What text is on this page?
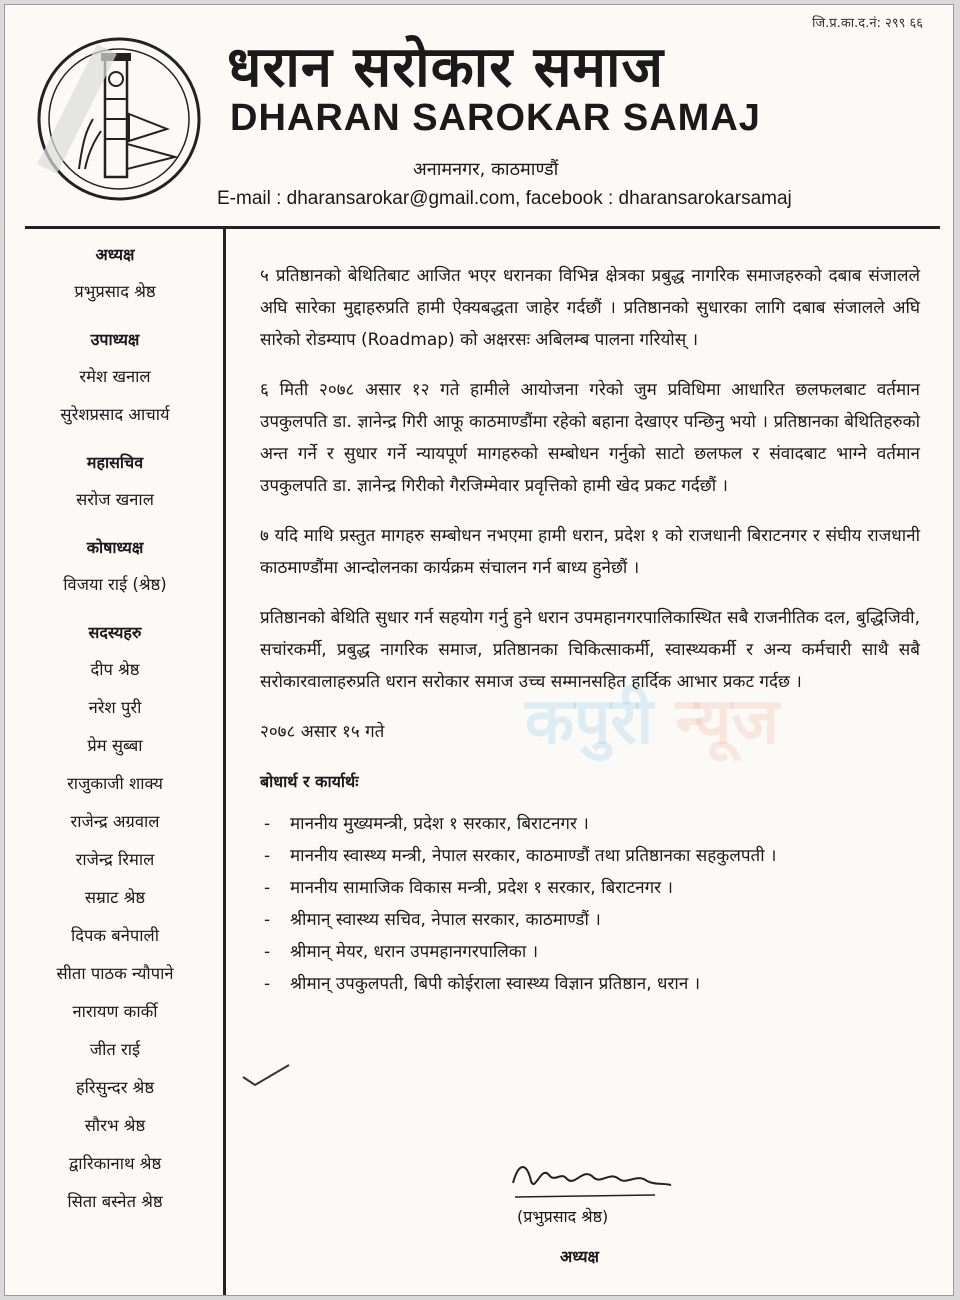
जि.प्र.का.द.नं: २९९ ६६
धरान सरोकार समाज
DHARAN SAROKAR SAMAJ
अनामनगर, काठमाण्डौं
E-mail : dharansarokar@gmail.com, facebook : dharansarokarsamaj
अध्यक्ष
प्रभुप्रसाद श्रेष्ठ
उपाध्यक्ष
रमेश खनाल
सुरेशप्रसाद आचार्य
महासचिव
सरोज खनाल
कोषाध्यक्ष
विजया राई (श्रेष्ठ)
सदस्यहरु
दीप श्रेष्ठ
नरेश पुरी
प्रेम सुब्बा
राजुकाजी शाक्य
राजेन्द्र अग्रवाल
राजेन्द्र रिमाल
सम्राट श्रेष्ठ
दिपक बनेपाली
सीता पाठक न्यौपाने
नारायण कार्की
जीत राई
हरिसुन्दर श्रेष्ठ
सौरभ श्रेष्ठ
द्वारिकानाथ श्रेष्ठ
सिता बस्नेत श्रेष्ठ
कपुरी न्यूज

५ प्रतिष्ठानको बेथितिबाट आजित भएर धरानका विभिन्न क्षेत्रका प्रबुद्ध नागरिक समाजहरुको दबाब संजालले अघि सारेका मुद्दाहरुप्रति हामी ऐक्यबद्धता जाहेर गर्दछौं । प्रतिष्ठानको सुधारका लागि दबाब संजालले अघि सारेको रोडम्याप (Roadmap) को अक्षरसः अबिलम्ब पालना गरियोस् ।

६ मिती २०७८ असार १२ गते हामीले आयोजना गरेको जुम प्रविधिमा आधारित छलफलबाट वर्तमान उपकुलपति डा. ज्ञानेन्द्र गिरी आफू काठमाण्डौंमा रहेको बहाना देखाएर पन्छिनु भयो । प्रतिष्ठानका बेथितिहरुको अन्त गर्ने र सुधार गर्ने न्यायपूर्ण मागहरुको सम्बोधन गर्नुको साटो छलफल र संवादबाट भाग्ने वर्तमान उपकुलपति डा. ज्ञानेन्द्र गिरीको गैरजिम्मेवार प्रवृत्तिको हामी खेद प्रकट गर्दछौं ।

७ यदि माथि प्रस्तुत मागहरु सम्बोधन नभएमा हामी धरान, प्रदेश १ को राजधानी बिराटनगर र संघीय राजधानी काठमाण्डौंमा आन्दोलनका कार्यक्रम संचालन गर्न बाध्य हुनेछौं ।

प्रतिष्ठानको बेथिति सुधार गर्न सहयोग गर्नु हुने धरान उपमहानगरपालिकास्थित सबै राजनीतिक दल, बुद्धिजिवी, सचांरकर्मी, प्रबुद्ध नागरिक समाज, प्रतिष्ठानका चिकित्साकर्मी, स्वास्थ्यकर्मी र अन्य कर्मचारी साथै सबै सरोकारवालाहरुप्रति धरान सरोकार समाज उच्च सम्मानसहित हार्दिक आभार प्रकट गर्दछ ।

२०७८ असार १५ गते

बोधार्थ र कार्यार्थः
- माननीय मुख्यमन्त्री, प्रदेश १ सरकार, बिराटनगर ।
- माननीय स्वास्थ्य मन्त्री, नेपाल सरकार, काठमाण्डौं तथा प्रतिष्ठानका सहकुलपती ।
- माननीय सामाजिक विकास मन्त्री, प्रदेश १ सरकार, बिराटनगर ।
- श्रीमान् स्वास्थ्य सचिव, नेपाल सरकार, काठमाण्डौं ।
- श्रीमान् मेयर, धरान उपमहानगरपालिका ।
- श्रीमान् उपकुलपती, बिपी कोईराला स्वास्थ्य विज्ञान प्रतिष्ठान, धरान ।
(प्रभुप्रसाद श्रेष्ठ)
अध्यक्ष
